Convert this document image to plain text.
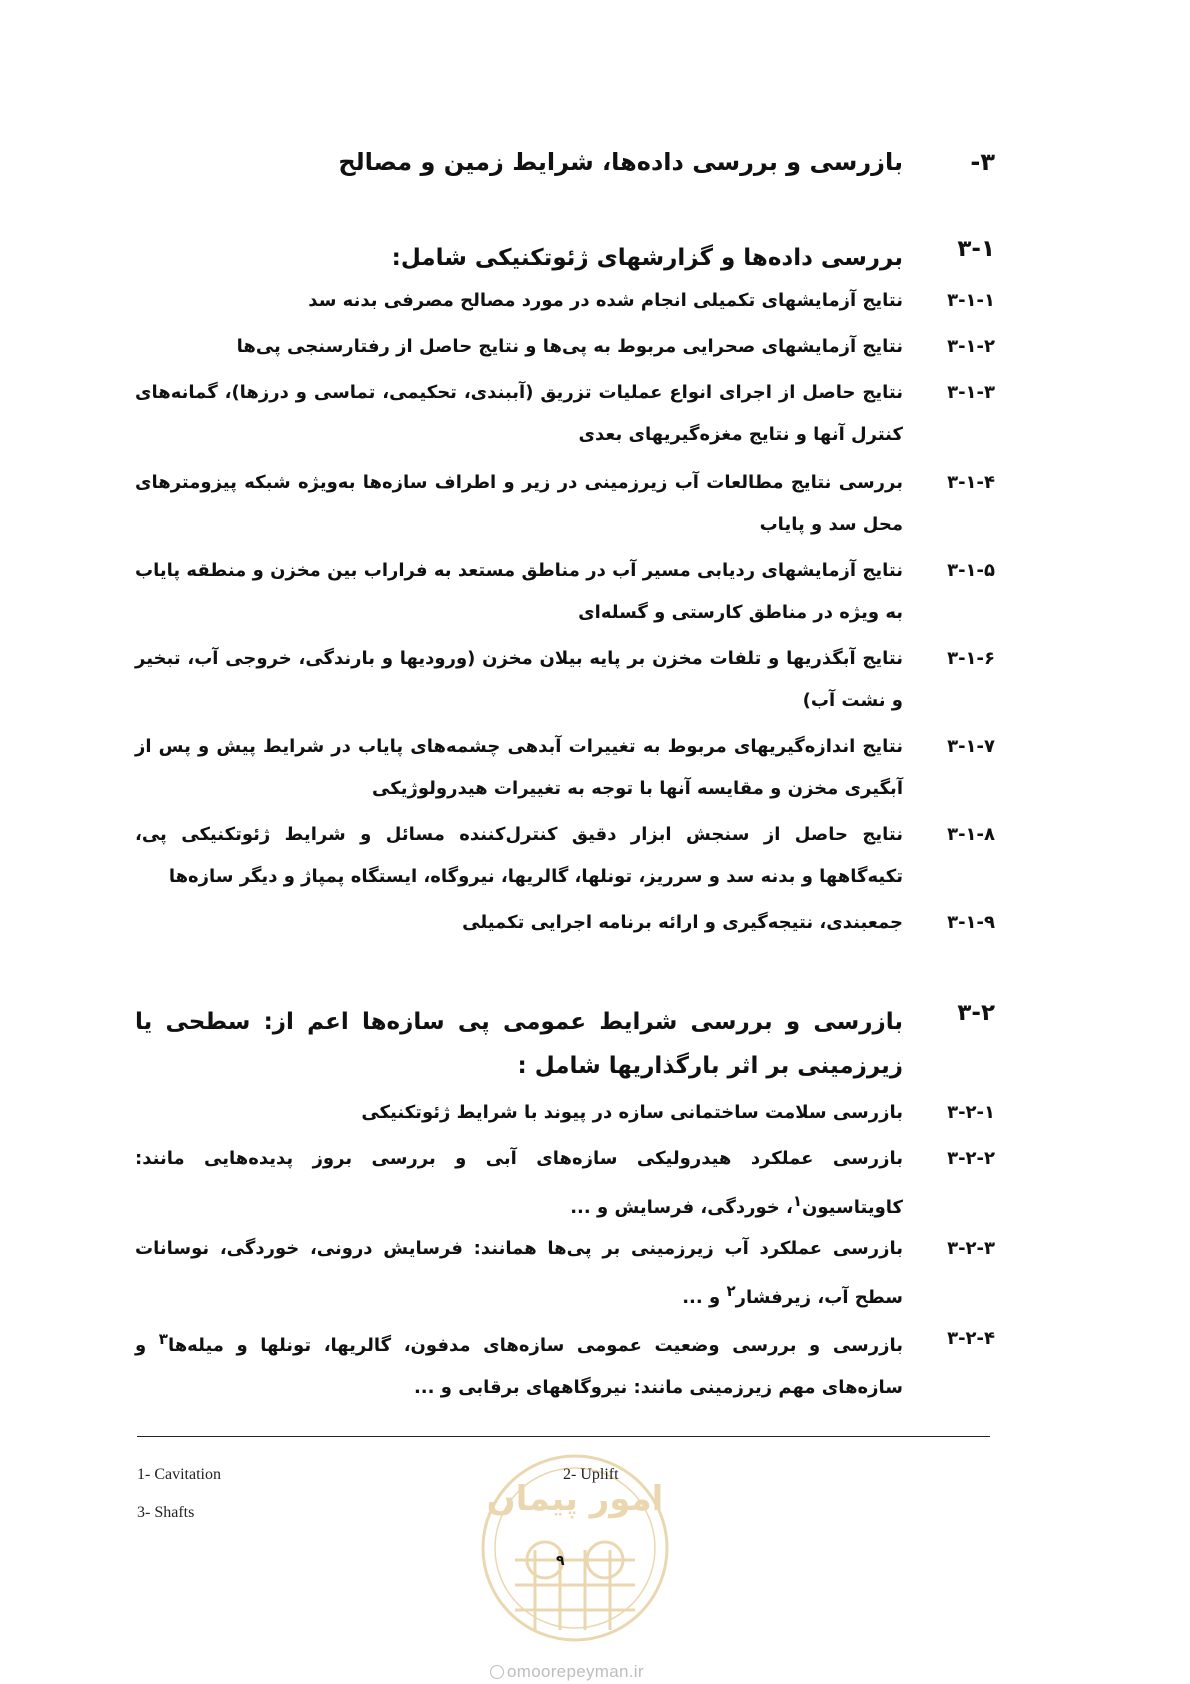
۳-
بازرسی و بررسی داده‌ها، شرایط زمین و مصالح
۳-۱
بررسی داده‌ها و گزارشهای ژئوتکنیکی شامل:
۳-۱-۱
نتایج آزمایشهای تکمیلی انجام شده در مورد مصالح مصرفی بدنه سد
۳-۱-۲
نتایج آزمایشهای صحرایی مربوط به پی‌ها و نتایج حاصل از رفتارسنجی پی‌ها
۳-۱-۳
نتایج حاصل از اجرای انواع عملیات تزریق (آببندی، تحکیمی، تماسی و درزها)، گمانه‌های کنترل آنها و نتایج مغزه‌گیریهای بعدی
۳-۱-۴
بررسی نتایج مطالعات آب زیرزمینی در زیر و اطراف سازه‌ها به‌ویژه شبکه پیزومترهای محل سد و پایاب
۳-۱-۵
نتایج آزمایشهای ردیابی مسیر آب در مناطق مستعد به فراراب بین مخزن و منطقه پایاب به ویژه در مناطق کارستی و گسله‌ای
۳-۱-۶
نتایج آبگذریها و تلفات مخزن بر پایه بیلان مخزن (ورودیها و بارندگی، خروجی آب، تبخیر و نشت آب)
۳-۱-۷
نتایج اندازه‌گیریهای مربوط به تغییرات آبدهی چشمه‌های پایاب در شرایط پیش و پس از آبگیری مخزن و مقایسه آنها با توجه به تغییرات هیدرولوژیکی
۳-۱-۸
نتایج حاصل از سنجش ابزار دقیق کنترل‌کننده مسائل و شرایط ژئوتکنیکی پی، تکیه‌گاهها و بدنه سد و سرریز، تونلها، گالریها، نیروگاه، ایستگاه پمپاژ و دیگر سازه‌ها
۳-۱-۹
جمعبندی، نتیجه‌گیری و ارائه برنامه اجرایی تکمیلی
۳-۲
بازرسی و بررسی شرایط عمومی پی سازه‌ها اعم از: سطحی یا زیرزمینی بر اثر بارگذاریها شامل :
۳-۲-۱
بازرسی سلامت ساختمانی سازه در پیوند با شرایط ژئوتکنیکی
۳-۲-۲
بازرسی عملکرد هیدرولیکی سازه‌های آبی و بررسی بروز پدیده‌هایی مانند: کاویتاسیون$^۱$، خوردگی، فرسایش و ...
۳-۲-۳
بازرسی عملکرد آب زیرزمینی بر پی‌ها همانند: فرسایش درونی، خوردگی، نوسانات سطح آب، زیرفشار$^۲$ و ...
۳-۲-۴
بازرسی و بررسی وضعیت عمومی سازه‌های مدفون، گالریها، تونلها و میله‌ها$^۳$ و سازه‌های مهم زیرزمینی مانند: نیروگاههای برقابی و ...
امور پیمان
1- Cavitation	2- Uplift
3- Shafts
۹
omoorepeyman.ir
